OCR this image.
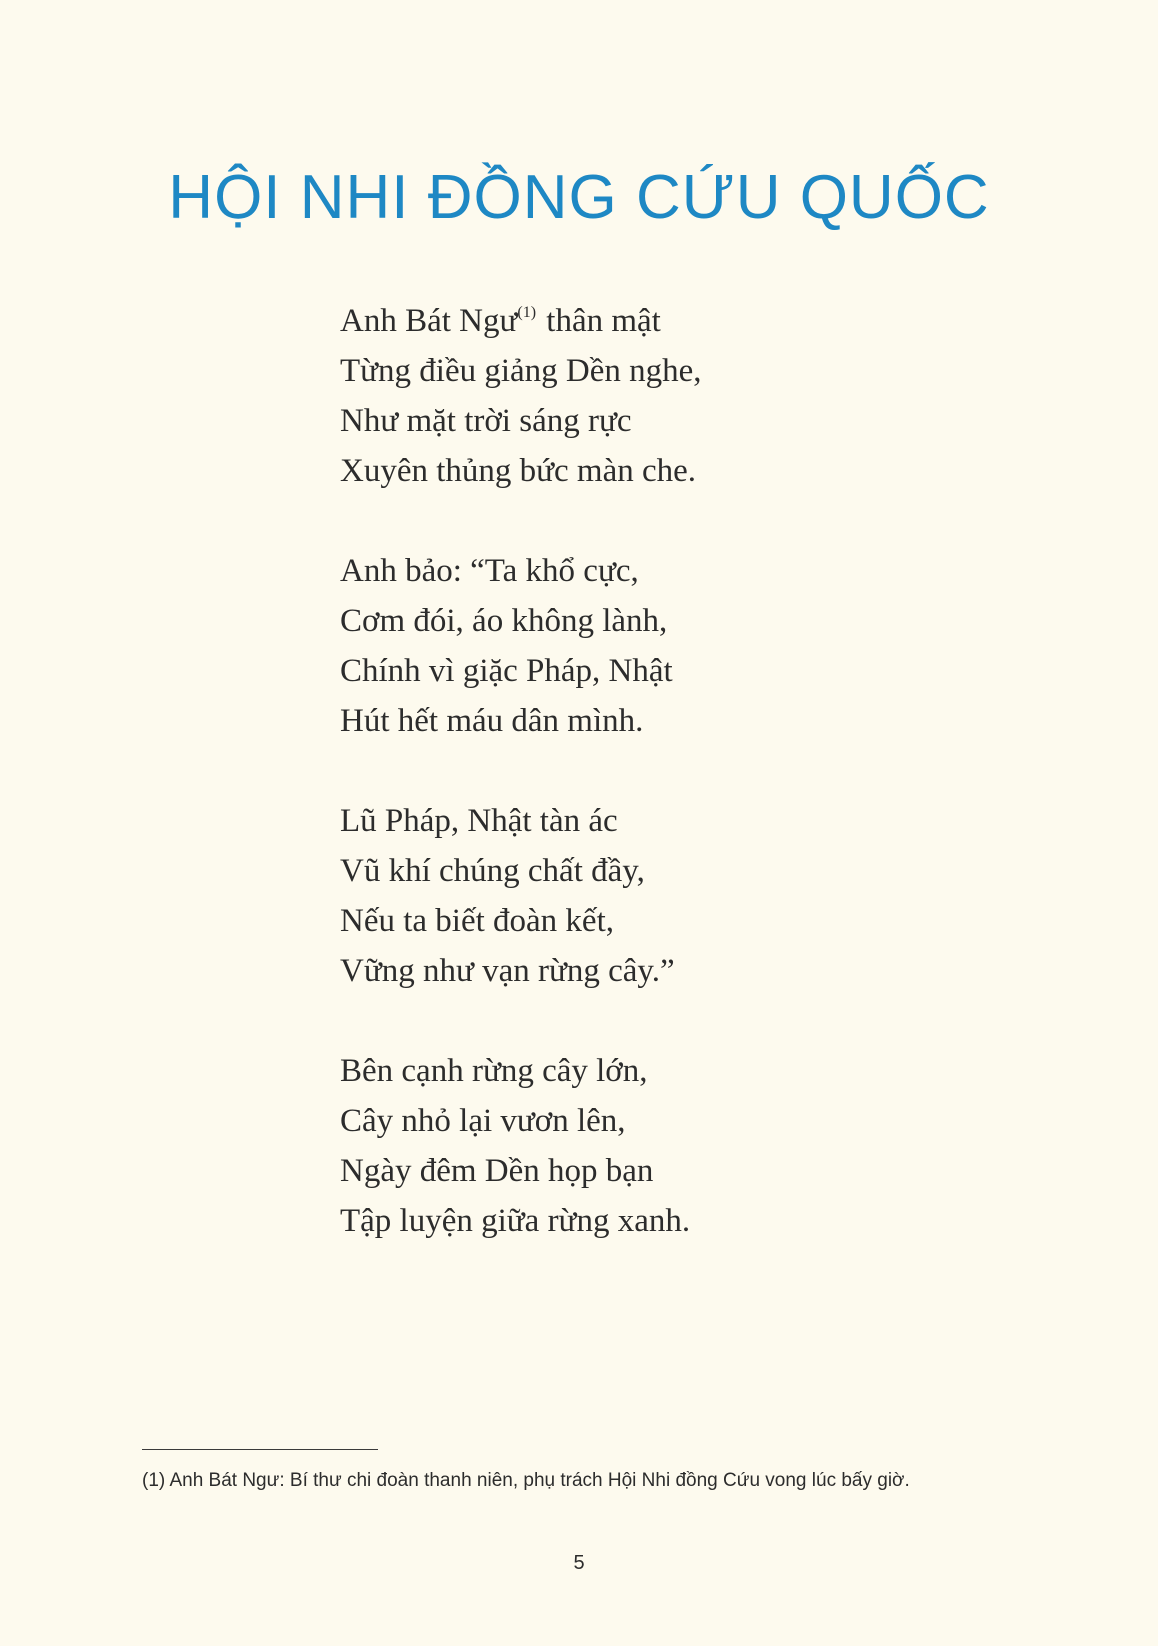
HỘI NHI ĐỒNG CỨU QUỐC
Anh Bát Ngư$^{(1)}$ thân mật
Từng điều giảng Dền nghe,
Như mặt trời sáng rực
Xuyên thủng bức màn che.
Anh bảo: “Ta khổ cực,
Cơm đói, áo không lành,
Chính vì giặc Pháp, Nhật
Hút hết máu dân mình.
Lũ Pháp, Nhật tàn ác
Vũ khí chúng chất đầy,
Nếu ta biết đoàn kết,
Vững như vạn rừng cây.”
Bên cạnh rừng cây lớn,
Cây nhỏ lại vươn lên,
Ngày đêm Dền họp bạn
Tập luyện giữa rừng xanh.
(1) Anh Bát Ngư: Bí thư chi đoàn thanh niên, phụ trách Hội Nhi đồng Cứu vong lúc bấy giờ.
5
